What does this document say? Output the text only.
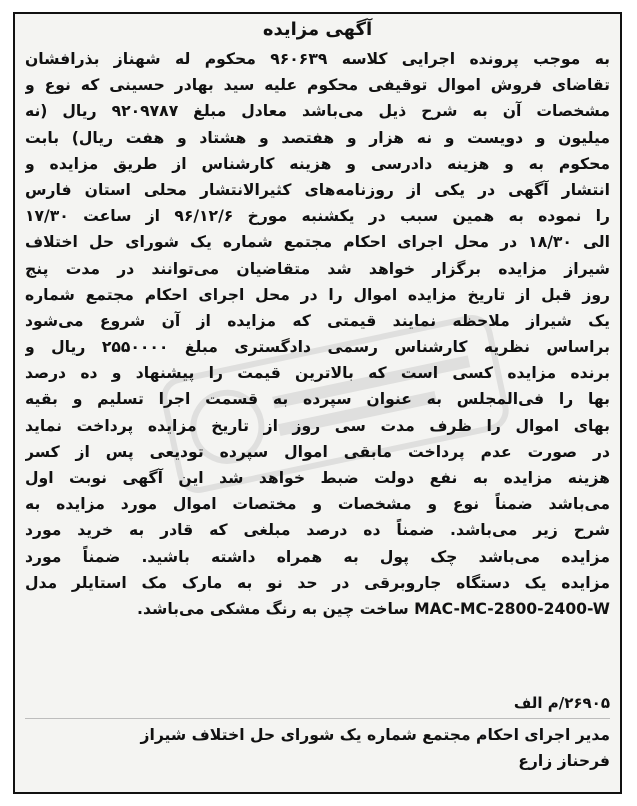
آگهی مزایده
به موجب پرونده اجرایی کلاسه ۹۶۰۶۳۹ محکوم له شهناز بذرافشان
تقاضای فروش اموال توقیفی محکوم علیه سید بهادر حسینی که نوع و
مشخصات آن به شرح ذیل می‌باشد معادل مبلغ ۹۲۰۹۷۸۷ ریال (نه
میلیون و دویست و نه هزار و هفتصد و هشتاد و هفت ریال) بابت
محکوم به و هزینه دادرسی و هزینه کارشناس از طریق مزایده و
انتشار آگهی در یکی از روزنامه‌های کثیرالانتشار محلی استان فارس
را نموده به همین سبب در یکشنبه مورخ ۹۶/۱۲/۶ از ساعت ۱۷/۳۰
الی ۱۸/۳۰ در محل اجرای احکام مجتمع شماره یک شورای حل اختلاف
شیراز مزایده برگزار خواهد شد متقاضیان می‌توانند در مدت پنج
روز قبل از تاریخ مزایده اموال را در محل اجرای احکام مجتمع شماره
یک شیراز ملاحظه نمایند قیمتی که مزایده از آن شروع می‌شود
براساس نظریه کارشناس رسمی دادگستری مبلغ ۲۵۵۰۰۰۰ ریال و
برنده مزایده کسی است که بالاترین قیمت را پیشنهاد و ده درصد
بها را فی‌المجلس به عنوان سپرده به قسمت اجرا تسلیم و بقیه
بهای اموال را ظرف مدت سی روز از تاریخ مزایده پرداخت نماید
در صورت عدم پرداخت مابقی اموال سپرده تودیعی پس از کسر
هزینه مزایده به نفع دولت ضبط خواهد شد این آگهی نوبت اول
می‌باشد ضمناً نوع و مشخصات و مختصات اموال مورد مزایده به
شرح زیر می‌باشد. ضمناً ده درصد مبلغی که قادر به خرید مورد
مزایده می‌باشد چک پول به همراه داشته باشید. ضمناً مورد
مزایده یک دستگاه جاروبرقی در حد نو به مارک مک استایلر مدل
‎MAC-MC-2800-2400-W‎ ساخت چین به رنگ مشکی می‌باشد.
۲۶۹۰۵/م الف
مدیر اجرای احکام مجتمع شماره یک شورای حل اختلاف شیراز
فرحناز زارع
